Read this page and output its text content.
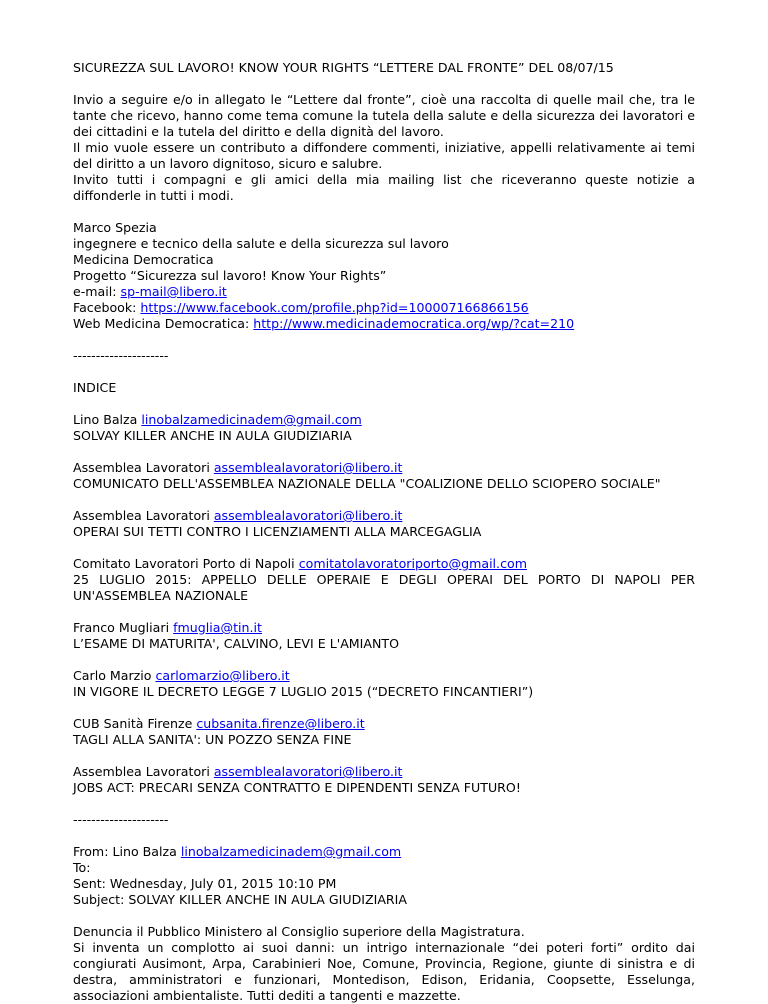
SICUREZZA SUL LAVORO! KNOW YOUR RIGHTS “LETTERE DAL FRONTE” DEL 08/07/15

Invio a seguire e/o in allegato le “Lettere dal fronte”, cioè una raccolta di quelle mail che, tra le tante che ricevo, hanno come tema comune la tutela della salute e della sicurezza dei lavoratori e dei cittadini e la tutela del diritto e della dignità del lavoro.

Il mio vuole essere un contributo a diffondere commenti, iniziative, appelli relativamente ai temi del diritto a un lavoro dignitoso, sicuro e salubre.

Invito tutti i compagni e gli amici della mia mailing list che riceveranno queste notizie a diffonderle in tutti i modi.

Marco Spezia

ingegnere e tecnico della salute e della sicurezza sul lavoro

Medicina Democratica

Progetto “Sicurezza sul lavoro! Know Your Rights”

e-mail: sp-mail@libero.it

Facebook: https://www.facebook.com/profile.php?id=100007166866156

Web Medicina Democratica: http://www.medicinademocratica.org/wp/?cat=210

---------------------

INDICE

Lino Balza linobalzamedicinadem@gmail.com

SOLVAY KILLER ANCHE IN AULA GIUDIZIARIA

Assemblea Lavoratori assemblealavoratori@libero.it

COMUNICATO DELL'ASSEMBLEA NAZIONALE DELLA "COALIZIONE DELLO SCIOPERO SOCIALE"

Assemblea Lavoratori assemblealavoratori@libero.it

OPERAI SUI TETTI CONTRO I LICENZIAMENTI ALLA MARCEGAGLIA

Comitato Lavoratori Porto di Napoli comitatolavoratoriporto@gmail.com

25 LUGLIO 2015: APPELLO DELLE OPERAIE E DEGLI OPERAI DEL PORTO DI NAPOLI PER UN'ASSEMBLEA NAZIONALE

Franco Mugliari fmuglia@tin.it

L’ESAME DI MATURITA', CALVINO, LEVI E L'AMIANTO

Carlo Marzio carlomarzio@libero.it

IN VIGORE IL DECRETO LEGGE 7 LUGLIO 2015 (“DECRETO FINCANTIERI”)

CUB Sanità Firenze cubsanita.firenze@libero.it

TAGLI ALLA SANITA': UN POZZO SENZA FINE

Assemblea Lavoratori assemblealavoratori@libero.it

JOBS ACT: PRECARI SENZA CONTRATTO E DIPENDENTI SENZA FUTURO!

---------------------

From: Lino Balza linobalzamedicinadem@gmail.com

To:

Sent: Wednesday, July 01, 2015 10:10 PM

Subject: SOLVAY KILLER ANCHE IN AULA GIUDIZIARIA

Denuncia il Pubblico Ministero al Consiglio superiore della Magistratura.

Si inventa un complotto ai suoi danni: un intrigo internazionale “dei poteri forti” ordito dai congiurati Ausimont, Arpa, Carabinieri Noe, Comune, Provincia, Regione, giunte di sinistra e di destra, amministratori e funzionari, Montedison, Edison, Eridania, Coopsette, Esselunga, associazioni ambientaliste. Tutti dediti a tangenti e mazzette.
